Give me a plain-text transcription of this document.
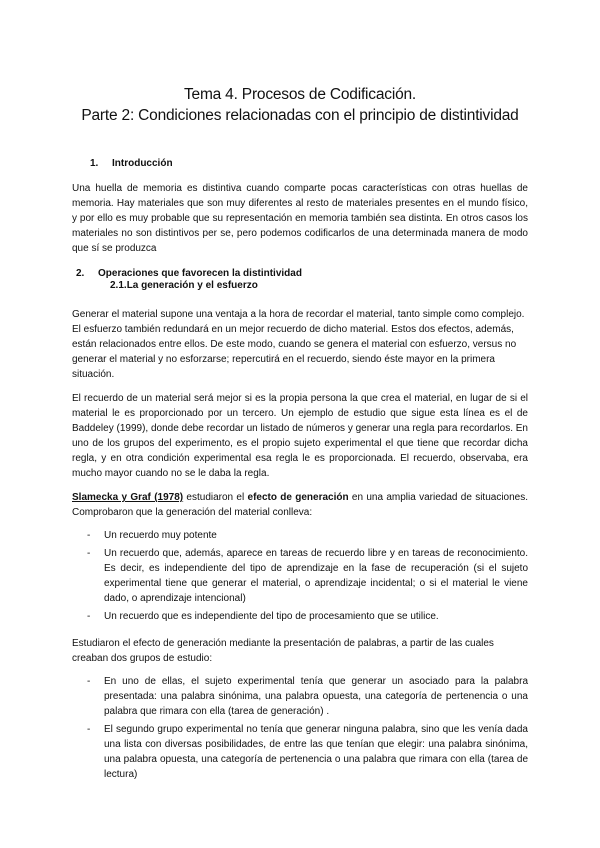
Tema 4. Procesos de Codificación.
Parte 2: Condiciones relacionadas con el principio de distintividad
1. Introducción

Una huella de memoria es distintiva cuando comparte pocas características con otras huellas de memoria. Hay materiales que son muy diferentes al resto de materiales presentes en el mundo físico, y por ello es muy probable que su representación en memoria también sea distinta. En otros casos los materiales no son distintivos per se, pero podemos codificarlos de una determinada manera de modo que sí se produzca

2. Operaciones que favorecen la distintividad
2.1.La generación y el esfuerzo

Generar el material supone una ventaja a la hora de recordar el material, tanto simple como complejo. El esfuerzo también redundará en un mejor recuerdo de dicho material. Estos dos efectos, además, están relacionados entre ellos. De este modo, cuando se genera el material con esfuerzo, versus no generar el material y no esforzarse; repercutirá en el recuerdo, siendo éste mayor en la primera situación.

El recuerdo de un material será mejor si es la propia persona la que crea el material, en lugar de si el material le es proporcionado por un tercero. Un ejemplo de estudio que sigue esta línea es el de Baddeley (1999), donde debe recordar un listado de números y generar una regla para recordarlos. En uno de los grupos del experimento, es el propio sujeto experimental el que tiene que recordar dicha regla, y en otra condición experimental esa regla le es proporcionada. El recuerdo, observaba, era mucho mayor cuando no se le daba la regla.

Slamecka y Graf (1978) estudiaron el efecto de generación en una amplia variedad de situaciones. Comprobaron que la generación del material conlleva:

- Un recuerdo muy potente
- Un recuerdo que, además, aparece en tareas de recuerdo libre y en tareas de reconocimiento. Es decir, es independiente del tipo de aprendizaje en la fase de recuperación (si el sujeto experimental tiene que generar el material, o aprendizaje incidental; o si el material le viene dado, o aprendizaje intencional)
- Un recuerdo que es independiente del tipo de procesamiento que se utilice.

Estudiaron el efecto de generación mediante la presentación de palabras, a partir de las cuales creaban dos grupos de estudio:

- En uno de ellas, el sujeto experimental tenía que generar un asociado para la palabra presentada: una palabra sinónima, una palabra opuesta, una categoría de pertenencia o una palabra que rimara con ella (tarea de generación) .
- El segundo grupo experimental no tenía que generar ninguna palabra, sino que les venía dada una lista con diversas posibilidades, de entre las que tenían que elegir: una palabra sinónima, una palabra opuesta, una categoría de pertenencia o una palabra que rimara con ella (tarea de lectura)
